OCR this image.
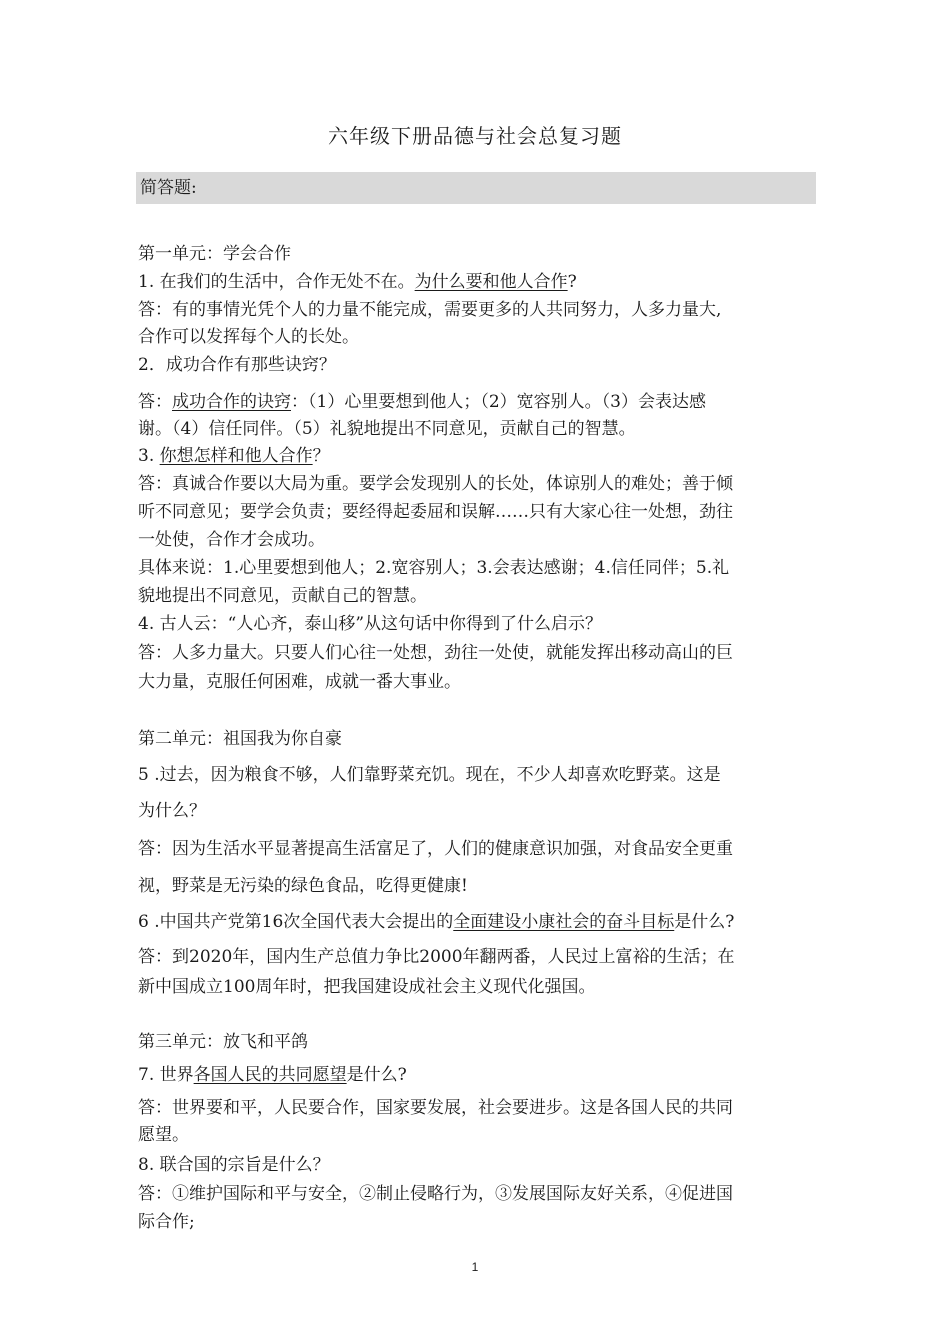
六年级下册品德与社会总复习题
简答题:
第一单元：学会合作
1. 在我们的生活中，合作无处不在。为什么要和他人合作?
答：有的事情光凭个人的力量不能完成，需要更多的人共同努力，人多力量大,
合作可以发挥每个人的长处。
2．成功合作有那些诀窍？
答：成功合作的诀窍：（1）心里要想到他人；（2）宽容别人。（3）会表达感
谢。（4）信任同伴。（5）礼貌地提出不同意见，贡献自己的智慧。
3. 你想怎样和他人合作？
答：真诚合作要以大局为重。要学会发现别人的长处，体谅别人的难处；善于倾
听不同意见；要学会负责；要经得起委屈和误解……只有大家心往一处想，劲往
一处使，合作才会成功。
具体来说：1.心里要想到他人；2.宽容别人；3.会表达感谢；4.信任同伴；5.礼
貌地提出不同意见，贡献自己的智慧。
4. 古人云：“人心齐，泰山移”从这句话中你得到了什么启示？
答：人多力量大。只要人们心往一处想，劲往一处使，就能发挥出移动高山的巨
大力量，克服任何困难，成就一番大事业。
第二单元：祖国我为你自豪
5 .过去，因为粮食不够，人们靠野菜充饥。现在，不少人却喜欢吃野菜。这是
为什么？
答：因为生活水平显著提高生活富足了，人们的健康意识加强，对食品安全更重
视，野菜是无污染的绿色食品，吃得更健康!
6 .中国共产党第16次全国代表大会提出的全面建设小康社会的奋斗目标是什么?
答：到2020年，国内生产总值力争比2000年翻两番，人民过上富裕的生活；在
新中国成立100周年时，把我国建设成社会主义现代化强国。
第三单元：放飞和平鸽
7. 世界各国人民的共同愿望是什么?
答：世界要和平，人民要合作，国家要发展，社会要进步。这是各国人民的共同
愿望。
8. 联合国的宗旨是什么？
答：①维护国际和平与安全，②制止侵略行为，③发展国际友好关系，④促进国
际合作;
1
